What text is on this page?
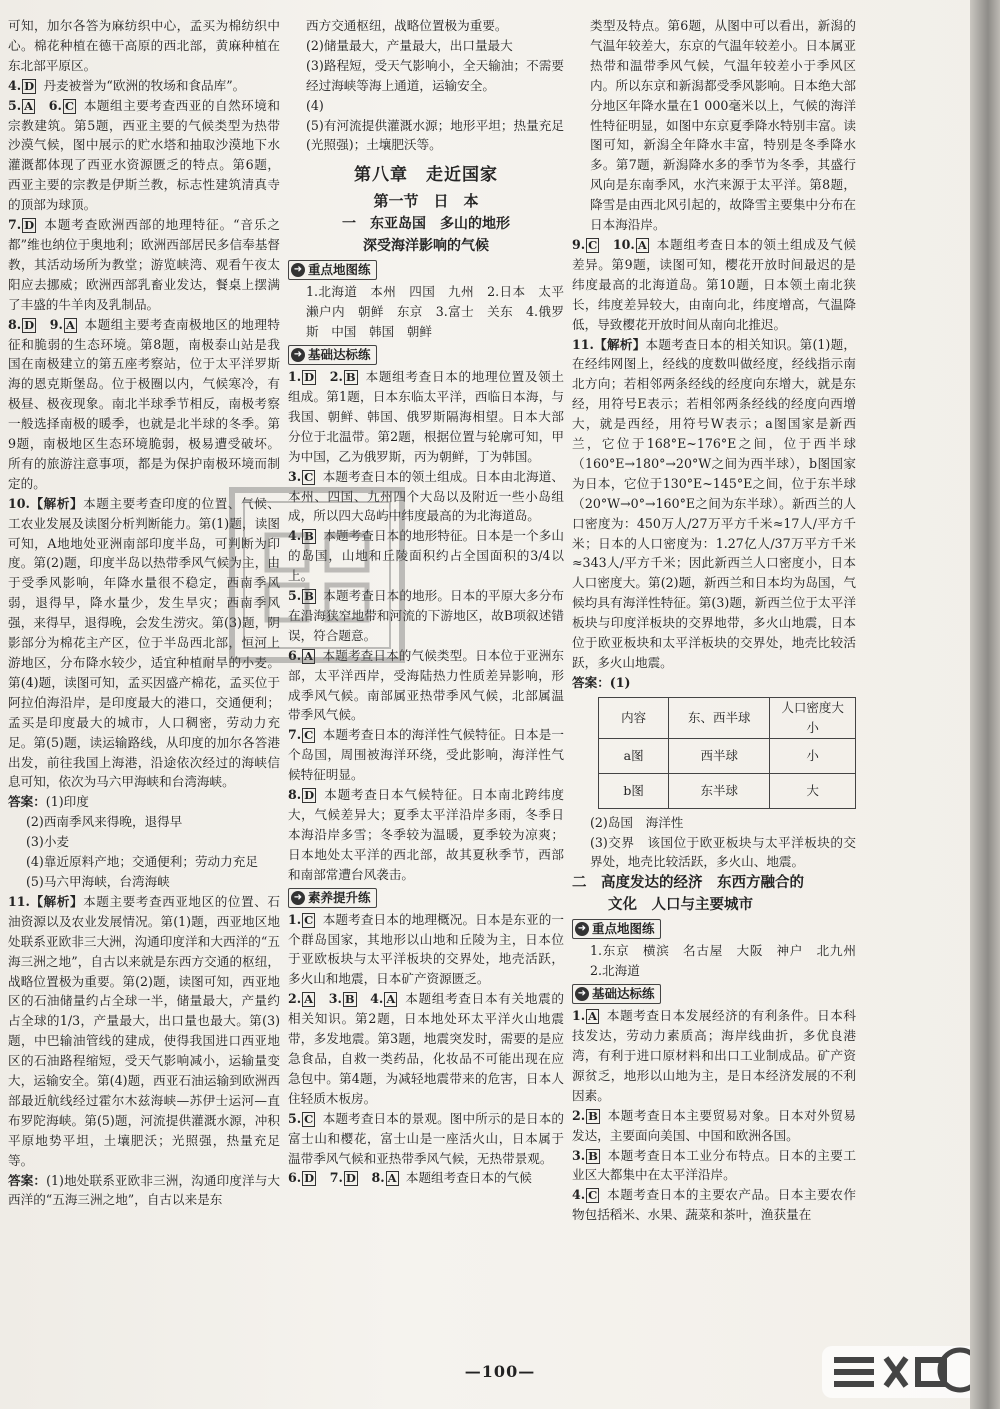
可知，加尔各答为麻纺织中心，孟买为棉纺织中心。棉花种植在德干高原的西北部，黄麻种植在东北部平原区。

4. D  丹麦被誉为“欧洲的牧场和食品库”。

5. A  6. C  本题组主要考查西亚的自然环境和宗教建筑。第5题，西亚主要的气候类型为热带沙漠气候，图中展示的贮水塔和抽取沙漠地下水灌溉都体现了西亚水资源匮乏的特点。第6题，西亚主要的宗教是伊斯兰教，标志性建筑清真寺的顶部为球顶。

7. D  本题考查欧洲西部的地理特征。“音乐之都”维也纳位于奥地利；欧洲西部居民多信奉基督教，其活动场所为教堂；游览峡湾、观看午夜太阳应去挪威；欧洲西部乳畜业发达，餐桌上摆满了丰盛的牛羊肉及乳制品。

8. D  9. A  本题组主要考查南极地区的地理特征和脆弱的生态环境。第8题，南极泰山站是我国在南极建立的第五座考察站，位于太平洋罗斯海的恩克斯堡岛。位于极圈以内，气候寒冷，有极昼、极夜现象。南北半球季节相反，南极考察一般选择南极的暖季，也就是北半球的冬季。第9题，南极地区生态环境脆弱，极易遭受破坏。所有的旅游注意事项，都是为保护南极环境而制定的。

10.【解析】本题主要考查印度的位置、气候、工农业发展及读图分析判断能力。第(1)题，读图可知，A地地处亚洲南部印度半岛，可判断为印度。第(2)题，印度半岛以热带季风气候为主，由于受季风影响，年降水量很不稳定，西南季风弱，退得早，降水量少，发生旱灾；西南季风强，来得早，退得晚，会发生涝灾。第(3)题，阴影部分为棉花主产区，位于半岛西北部，恒河上游地区，分布降水较少，适宜种植耐旱的小麦。第(4)题，读图可知，孟买因盛产棉花，孟买位于阿拉伯海沿岸，是印度最大的港口，交通便利；孟买是印度最大的城市，人口稠密，劳动力充足。第(5)题，读运输路线，从印度的加尔各答港出发，前往我国上海港，沿途依次经过的海峡信息可知，依次为马六甲海峡和台湾海峡。

答案：(1)印度

(2)西南季风来得晚，退得早

(3)小麦

(4)靠近原料产地；交通便利；劳动力充足

(5)马六甲海峡，台湾海峡

11.【解析】本题主要考查西亚地区的位置、石油资源以及农业发展情况。第(1)题，西亚地区地处联系亚欧非三大洲，沟通印度洋和大西洋的“五海三洲之地”，自古以来就是东西方交通的枢纽，战略位置极为重要。第(2)题，读图可知，西亚地区的石油储量约占全球一半，储量最大，产量约占全球的1/3，产量最大，出口量也最大。第(3)题，中巴输油管线的建成，使得我国进口西亚地区的石油路程缩短，受天气影响减小，运输量变大，运输安全。第(4)题，西亚石油运输到欧洲西部最近航线经过霍尔木兹海峡—苏伊士运河—直布罗陀海峡。第(5)题，河流提供灌溉水源，冲积平原地势平坦，土壤肥沃；光照强，热量充足等。

答案：(1)地处联系亚欧非三洲，沟通印度洋与大西洋的“五海三洲之地”，自古以来是东

西方交通枢纽，战略位置极为重要。

(2)储量最大，产量最大，出口量最大

(3)路程短，受天气影响小，全天输油；不需要经过海峡等海上通道，运输安全。

(4)

(5)有河流提供灌溉水源；地形平坦；热量充足(光照强)；土壤肥沃等。

第八章　走近国家
第一节　日　本
一　东亚岛国　多山的地形
深受海洋影响的气候
➜ 重点地图练

1.北海道　本州　四国　九州　2.日本　太平　濑户内　朝鲜　东京　3.富士　关东　4.俄罗斯　中国　韩国　朝鲜

➜ 基础达标练

1. D  2. B  本题组考查日本的地理位置及领土组成。第1题，日本东临太平洋，西临日本海，与我国、朝鲜、韩国、俄罗斯隔海相望。日本大部分位于北温带。第2题，根据位置与轮廓可知，甲为中国，乙为俄罗斯，丙为朝鲜，丁为韩国。

3. C  本题考查日本的领土组成。日本由北海道、本州、四国、九州四个大岛以及附近一些小岛组成，所以四大岛屿中纬度最高的为北海道岛。

4. B  本题考查日本的地形特征。日本是一个多山的岛国，山地和丘陵面积约占全国面积的3/4以上。

5. B  本题考查日本的地形。日本的平原大多分布在沿海狭窄地带和河流的下游地区，故B项叙述错误，符合题意。

6. A  本题考查日本的气候类型。日本位于亚洲东部，太平洋西岸，受海陆热力性质差异影响，形成季风气候。南部属亚热带季风气候，北部属温带季风气候。

7. C  本题考查日本的海洋性气候特征。日本是一个岛国，周围被海洋环绕，受此影响，海洋性气候特征明显。

8. D  本题考查日本气候特征。日本南北跨纬度大，气候差异大；夏季太平洋沿岸多雨，冬季日本海沿岸多雪；冬季较为温暖，夏季较为凉爽；日本地处太平洋的西北部，故其夏秋季节，西部和南部常遭台风袭击。

➜ 素养提升练

1. C  本题考查日本的地理概况。日本是东亚的一个群岛国家，其地形以山地和丘陵为主，日本位于亚欧板块与太平洋板块的交界处，地壳活跃，多火山和地震，日本矿产资源匮乏。

2. A  3. B  4. A  本题组考查日本有关地震的相关知识。第2题，日本地处环太平洋火山地震带，多发地震。第3题，地震突发时，需要的是应急食品，自救一类药品，化妆品不可能出现在应急包中。第4题，为减轻地震带来的危害，日本人住轻质木板房。

5. C  本题考查日本的景观。图中所示的是日本的富士山和樱花，富士山是一座活火山，日本属于温带季风气候和亚热带季风气候，无热带景观。

6. D  7. D  8. A  本题组考查日本的气候

类型及特点。第6题，从图中可以看出，新潟的气温年较差大，东京的气温年较差小。日本属亚热带和温带季风气候，气温年较差小于季风区内。所以东京和新潟都受季风影响。日本绝大部分地区年降水量在1 000毫米以上，气候的海洋性特征明显，如图中东京夏季降水特别丰富。读图可知，新潟全年降水丰富，特别是冬季降水多。第7题，新潟降水多的季节为冬季，其盛行风向是东南季风，水汽来源于太平洋。第8题，降雪是由西北风引起的，故降雪主要集中分布在日本海沿岸。

9. C  10. A  本题组考查日本的领土组成及气候差异。第9题，读图可知，樱花开放时间最迟的是纬度最高的北海道岛。第10题，日本领土南北狭长，纬度差异较大，由南向北，纬度增高，气温降低，导致樱花开放时间从南向北推迟。

11.【解析】本题考查日本的相关知识。第(1)题，在经纬网图上，经线的度数叫做经度，经线指示南北方向；若相邻两条经线的经度向东增大，就是东经，用符号E表示；若相邻两条经线的经度向西增大，就是西经，用符号W表示；a图国家是新西兰，它位于168°E~176°E之间，位于西半球（160°E→180°→20°W之间为西半球），b图国家为日本，它位于130°E~145°E之间，位于东半球（20°W→0°→160°E之间为东半球）。新西兰的人口密度为：450万人/27万平方千米≈17人/平方千米；日本的人口密度为：1.27亿人/37万平方千米≈343人/平方千米；因此新西兰人口密度小，日本人口密度大。第(2)题，新西兰和日本均为岛国，气候均具有海洋性特征。第(3)题，新西兰位于太平洋板块与印度洋板块的交界地带，多火山地震，日本位于欧亚板块和太平洋板块的交界处，地壳比较活跃，多火山地震。

答案：(1)

内容	东、西半球	人口密度大小
a图	西半球	小
b图	东半球	大

(2)岛国　海洋性

(3)交界　该国位于欧亚板块与太平洋板块的交界处，地壳比较活跃，多火山、地震。

二　高度发达的经济　东西方融合的
文化　人口与主要城市
➜ 重点地图练

1.东京　横滨　名古屋　大阪　神户　北九州　2.北海道

➜ 基础达标练

1. A  本题考查日本发展经济的有利条件。日本科技发达，劳动力素质高；海岸线曲折，多优良港湾，有利于进口原材料和出口工业制成品。矿产资源贫乏，地形以山地为主，是日本经济发展的不利因素。

2. B  本题考查日本主要贸易对象。日本对外贸易发达，主要面向美国、中国和欧洲各国。

3. B  本题考查日本工业分布特点。日本的主要工业区大都集中在太平洋沿岸。

4. C  本题考查日本的主要农产品。日本主要农作物包括稻米、水果、蔬菜和茶叶，渔获量在

—100—
